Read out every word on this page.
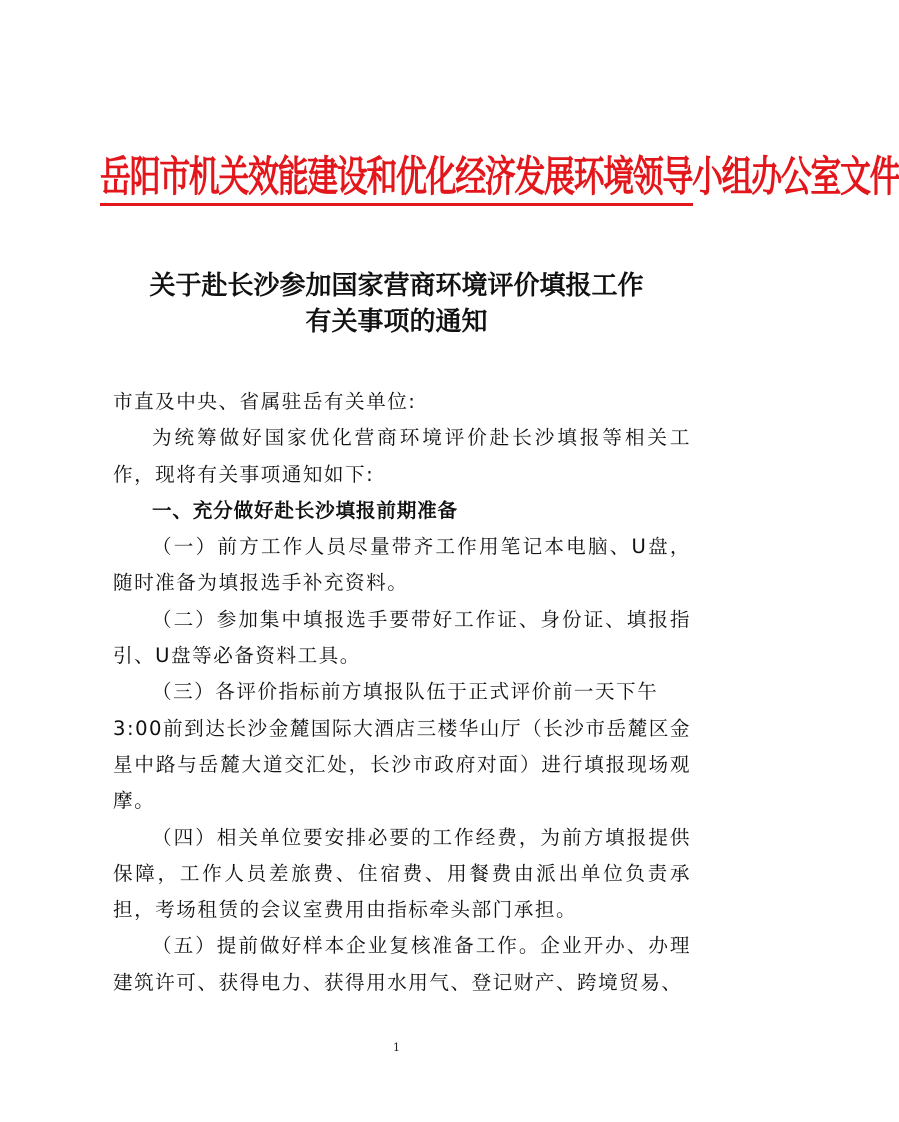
岳阳市机关效能建设和优化经济发展环境领导小组办公室文件
关于赴长沙参加国家营商环境评价填报工作
有关事项的通知

市直及中央、省属驻岳有关单位:

为统筹做好国家优化营商环境评价赴长沙填报等相关工作，现将有关事项通知如下:

一、充分做好赴长沙填报前期准备

（一）前方工作人员尽量带齐工作用笔记本电脑、U盘，随时准备为填报选手补充资料。

（二）参加集中填报选手要带好工作证、身份证、填报指引、U盘等必备资料工具。

（三）各评价指标前方填报队伍于正式评价前一天下午

3:00前到达长沙金麓国际大酒店三楼华山厅（长沙市岳麓区金星中路与岳麓大道交汇处，长沙市政府对面）进行填报现场观摩。

（四）相关单位要安排必要的工作经费，为前方填报提供保障，工作人员差旅费、住宿费、用餐费由派出单位负责承担，考场租赁的会议室费用由指标牵头部门承担。

（五）提前做好样本企业复核准备工作。企业开办、办理建筑许可、获得电力、获得用水用气、登记财产、跨境贸易、

1
